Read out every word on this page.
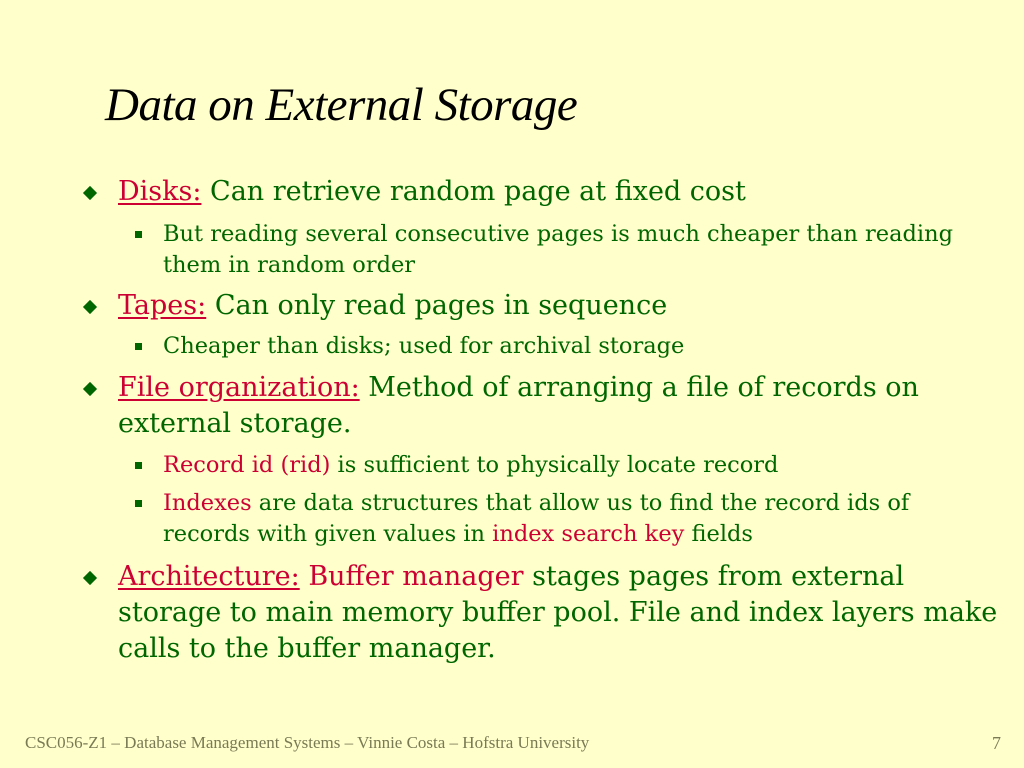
Data on External Storage
Disks: Can retrieve random page at fixed cost
But reading several consecutive pages is much cheaper than reading them in random order
Tapes: Can only read pages in sequence
Cheaper than disks; used for archival storage
File organization: Method of arranging a file of records on external storage.
Record id (rid) is sufficient to physically locate record
Indexes are data structures that allow us to find the record ids of records with given values in index search key fields
Architecture: Buffer manager stages pages from external storage to main memory buffer pool. File and index layers make calls to the buffer manager.
CSC056-Z1 – Database Management Systems – Vinnie Costa – Hofstra University	7
